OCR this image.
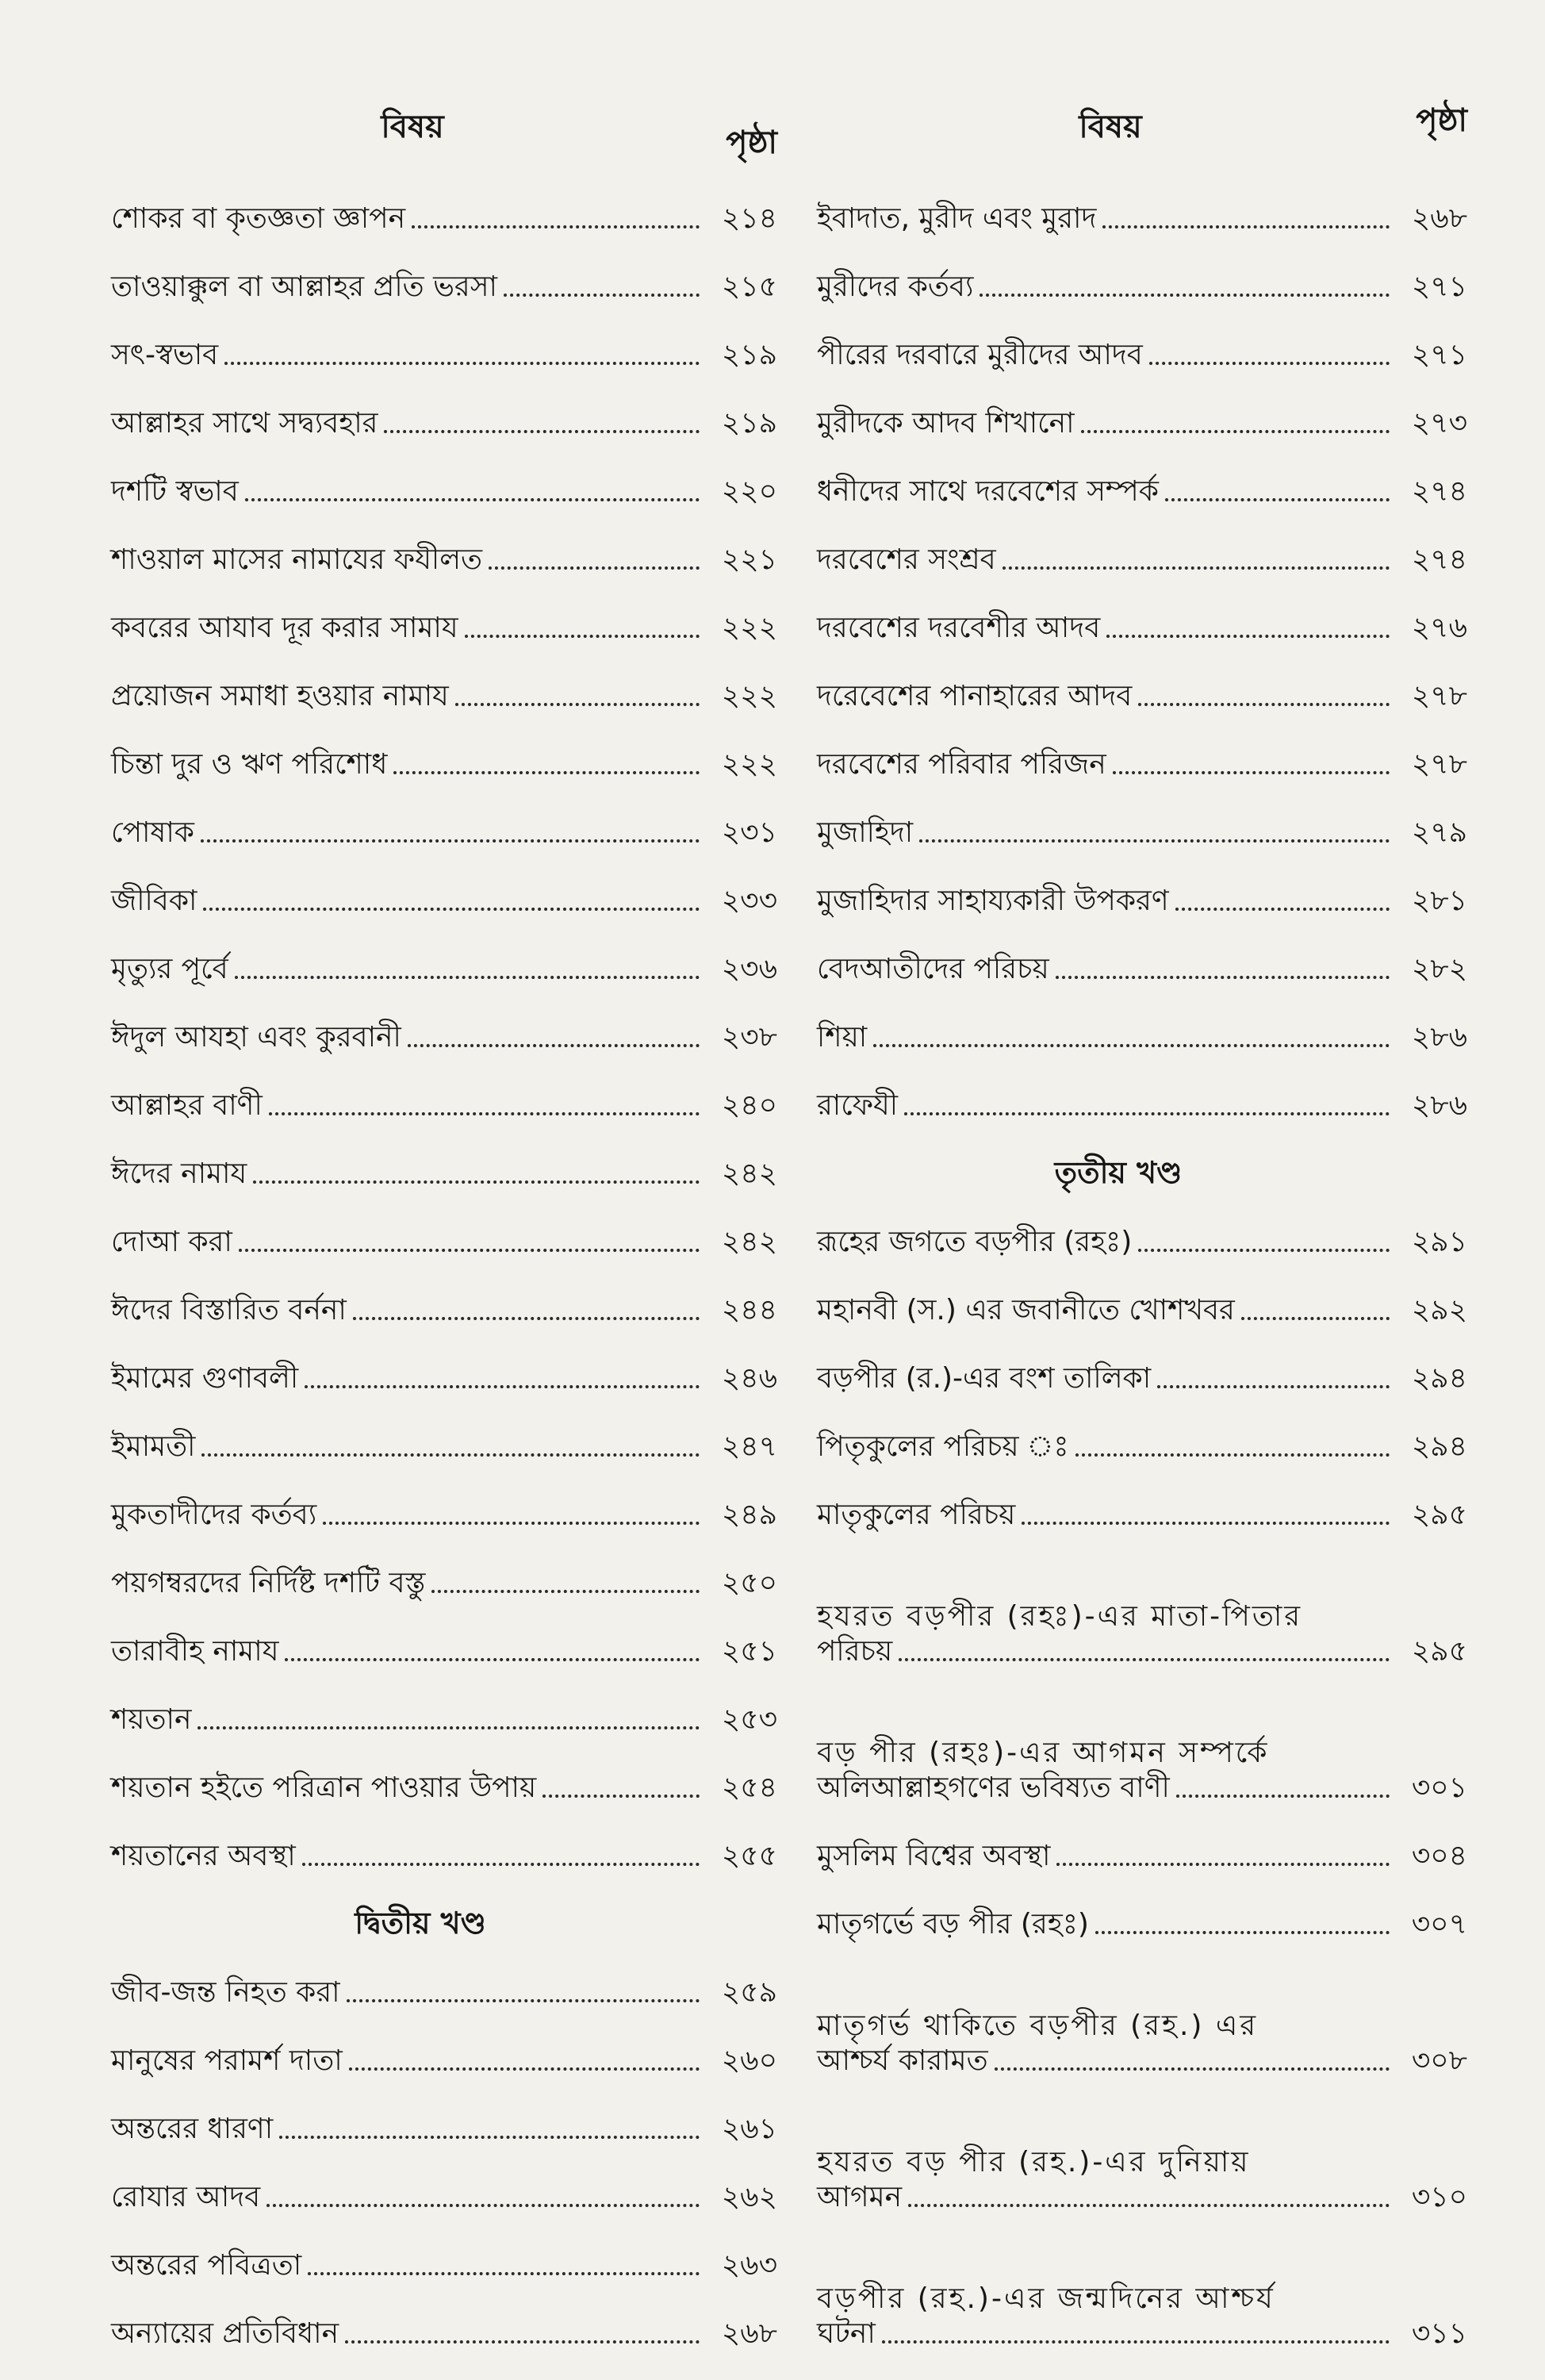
বিষয়	পৃষ্ঠা
শোকর বা কৃতজ্ঞতা জ্ঞাপন	২১৪
তাওয়াক্কুল বা আল্লাহর প্রতি ভরসা	২১৫
সৎ-স্বভাব	২১৯
আল্লাহর সাথে সদ্ব্যবহার	২১৯
দশটি স্বভাব	২২০
শাওয়াল মাসের নামাযের ফযীলত	২২১
কবরের আযাব দূর করার সামায	২২২
প্রয়োজন সমাধা হওয়ার নামায	২২২
চিন্তা দুর ও ঋণ পরিশোধ	২২২
পোষাক	২৩১
জীবিকা	২৩৩
মৃত্যুর পূর্বে	২৩৬
ঈদুল আযহা এবং কুরবানী	২৩৮
আল্লাহর বাণী	২৪০
ঈদের নামায	২৪২
দোআ করা	২৪২
ঈদের বিস্তারিত বর্ননা	২৪৪
ইমামের গুণাবলী	২৪৬
ইমামতী	২৪৭
মুকতাদীদের কর্তব্য	২৪৯
পয়গম্বরদের নির্দিষ্ট দশটি বস্তু	২৫০
তারাবীহ নামায	২৫১
শয়তান	২৫৩
শয়তান হইতে পরিত্রান পাওয়ার উপায়	২৫৪
শয়তানের অবস্থা	২৫৫
দ্বিতীয় খণ্ড
জীব-জন্ত নিহত করা	২৫৯
মানুষের পরামর্শ দাতা	২৬০
অন্তরের ধারণা	২৬১
রোযার আদব	২৬২
অন্তরের পবিত্রতা	২৬৩
অন্যায়ের প্রতিবিধান	২৬৮
বিষয়	পৃষ্ঠা
ইবাদাত, মুরীদ এবং মুরাদ	২৬৮
মুরীদের কর্তব্য	২৭১
পীরের দরবারে মুরীদের আদব	২৭১
মুরীদকে আদব শিখানো	২৭৩
ধনীদের সাথে দরবেশের সম্পর্ক	২৭৪
দরবেশের সংশ্রব	২৭৪
দরবেশের দরবেশীর আদব	২৭৬
দরেবেশের পানাহারের আদব	২৭৮
দরবেশের পরিবার পরিজন	২৭৮
মুজাহিদা	২৭৯
মুজাহিদার সাহায্যকারী উপকরণ	২৮১
বেদআতীদের পরিচয়	২৮২
শিয়া	২৮৬
রাফেযী	২৮৬
তৃতীয় খণ্ড
রূহের জগতে বড়পীর (রহঃ)	২৯১
মহানবী (স.) এর জবানীতে খোশখবর	২৯২
বড়পীর (র.)-এর বংশ তালিকা	২৯৪
পিতৃকুলের পরিচয় ঃ	২৯৪
মাতৃকুলের পরিচয়	২৯৫
হযরত বড়পীর (রহঃ)-এর মাতা-পিতার
পরিচয়	২৯৫
বড় পীর (রহঃ)-এর আগমন সম্পর্কে
অলিআল্লাহগণের ভবিষ্যত বাণী	৩০১
মুসলিম বিশ্বের অবস্থা	৩০৪
মাতৃগর্ভে বড় পীর (রহঃ)	৩০৭
মাতৃগর্ভ থাকিতে বড়পীর (রহ.) এর
আশ্চর্য কারামত	৩০৮
হযরত বড় পীর (রহ.)-এর দুনিয়ায়
আগমন	৩১০
বড়পীর (রহ.)-এর জন্মদিনের আশ্চর্য
ঘটনা	৩১১
